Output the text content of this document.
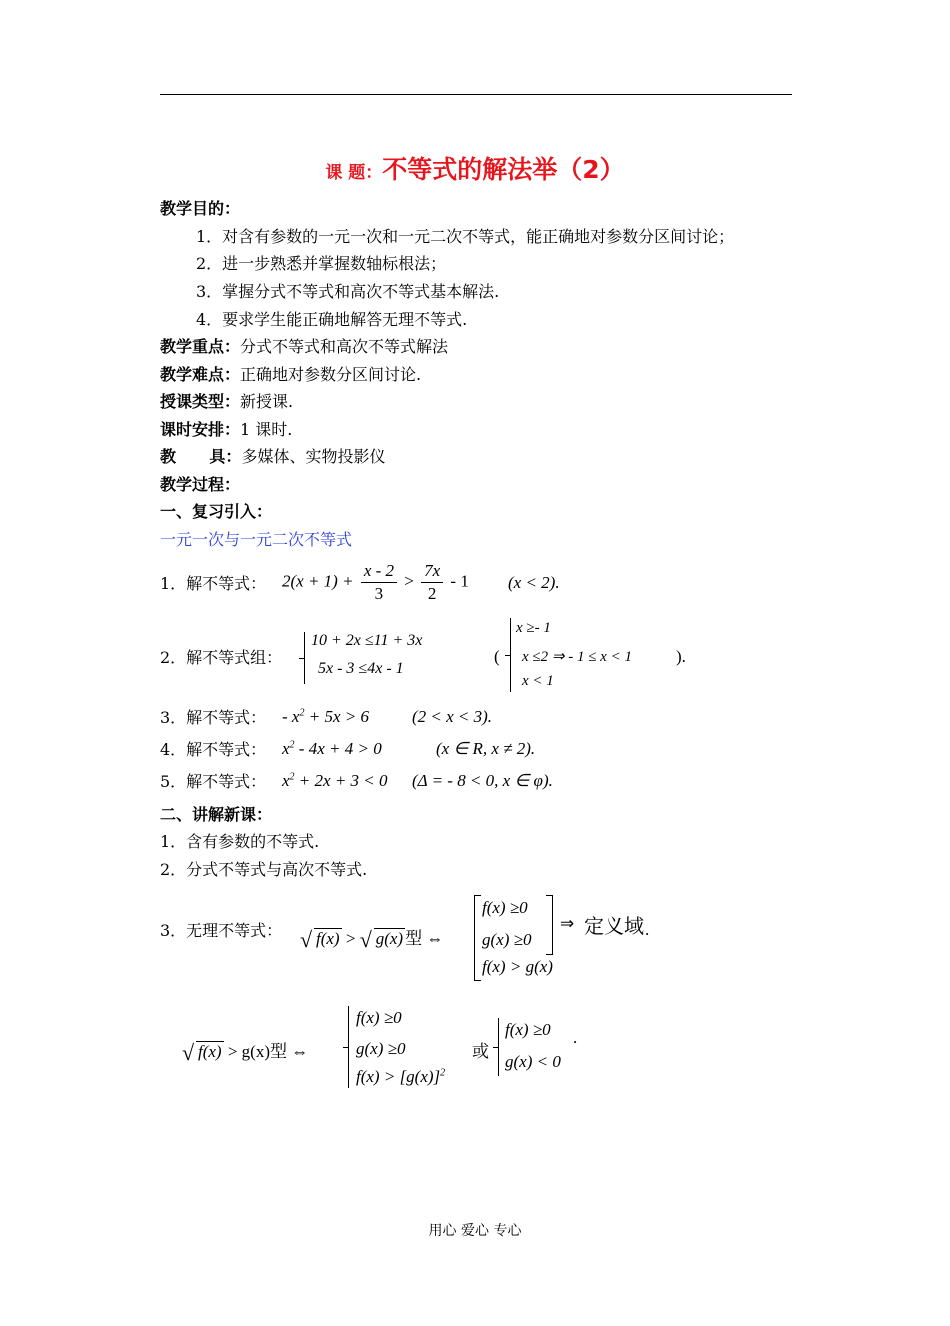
课 题：不等式的解法举（2）
教学目的：
1．对含有参数的一元一次和一元二次不等式，能正确地对参数分区间讨论；
2．进一步熟悉并掌握数轴标根法；
3．掌握分式不等式和高次不等式基本解法.
4．要求学生能正确地解答无理不等式.
教学重点：分式不等式和高次不等式解法
教学难点：正确地对参数分区间讨论.
授课类型：新授课.
课时安排：1 课时.
教      具：多媒体、实物投影仪
教学过程：
一、复习引入：
一元一次与一元二次不等式
1．解不等式： $2(x + 1) + \frac{x - 2}{3} > \frac{7x}{2} - 1$ (x < 2).
2．解不等式组：
10 + 2x ≤11 + 3x
5x - 3 ≤4x - 1
(
x ≥- 1
x ≤2 ⇒ - 1 ≤ x < 1
x < 1
).
3．解不等式： - $x^2 + 5x > 6$	(2 < x < 3).
4．解不等式： $x^2 - 4x + 4 > 0$	(x ∈ R, x ≠ 2).
5．解不等式： $x^2 + 2x + 3 < 0$ (Δ = - 8 < 0, x ∈ φ).
二、讲解新课：
1．含有参数的不等式.
2．分式不等式与高次不等式.
3．无理不等式：	√ f(x) > √ g(x) 型 ⇔
f(x) ≥0
g(x) ≥0
f(x) > g(x)
⇒ 定义域 .
√ f(x) > g(x)型 ⇔
f(x) ≥0
g(x) ≥0
$f(x) > [g(x)]^2$
或
f(x) ≥0
g(x) < 0
.
用心 爱心 专心
